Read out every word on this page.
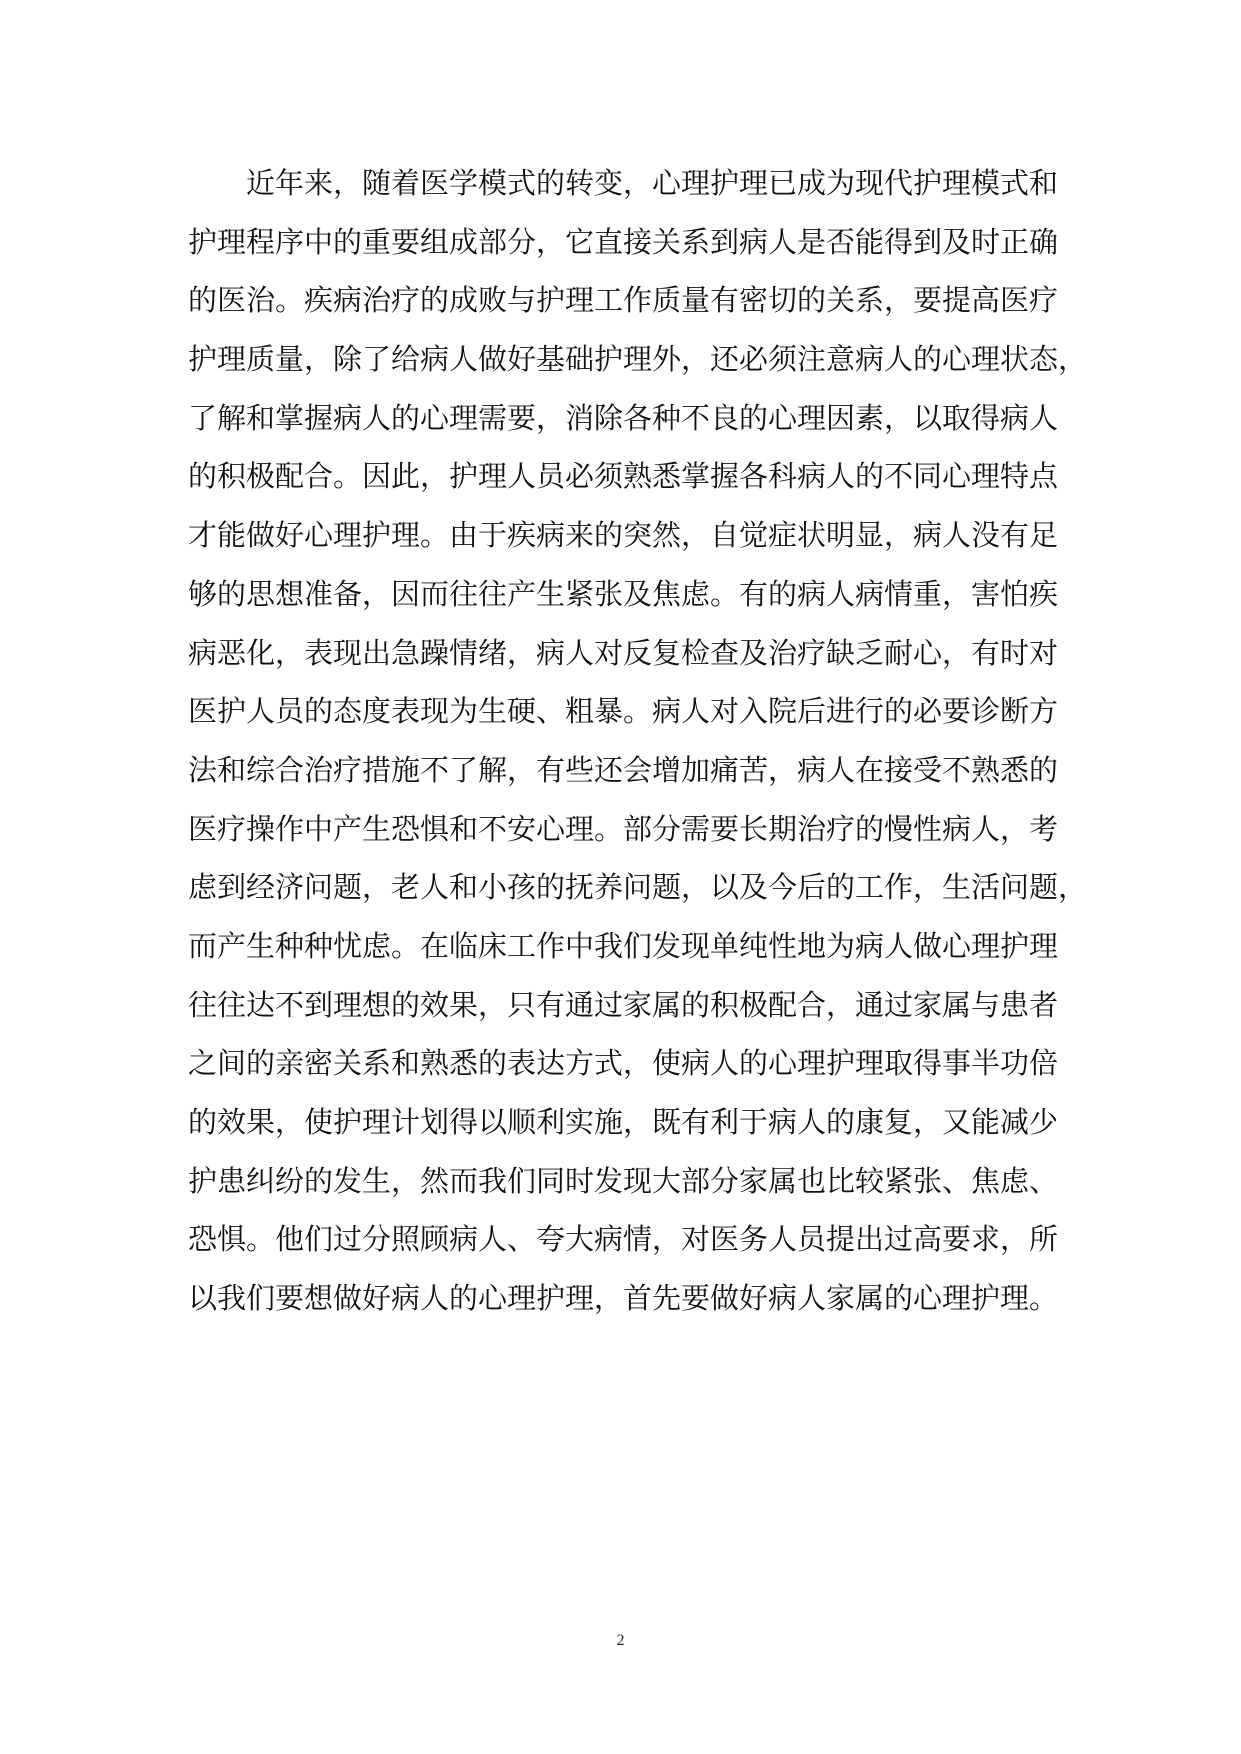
　　近年来，随着医学模式的转变，心理护理已成为现代护理模式和
护理程序中的重要组成部分，它直接关系到病人是否能得到及时正确
的医治。疾病治疗的成败与护理工作质量有密切的关系，要提高医疗
护理质量，除了给病人做好基础护理外，还必须注意病人的心理状态，
了解和掌握病人的心理需要，消除各种不良的心理因素，以取得病人
的积极配合。因此，护理人员必须熟悉掌握各科病人的不同心理特点
才能做好心理护理。由于疾病来的突然，自觉症状明显，病人没有足
够的思想准备，因而往往产生紧张及焦虑。有的病人病情重，害怕疾
病恶化，表现出急躁情绪，病人对反复检查及治疗缺乏耐心，有时对
医护人员的态度表现为生硬、粗暴。病人对入院后进行的必要诊断方
法和综合治疗措施不了解，有些还会增加痛苦，病人在接受不熟悉的
医疗操作中产生恐惧和不安心理。部分需要长期治疗的慢性病人，考
虑到经济问题，老人和小孩的抚养问题，以及今后的工作，生活问题，
而产生种种忧虑。在临床工作中我们发现单纯性地为病人做心理护理
往往达不到理想的效果，只有通过家属的积极配合，通过家属与患者
之间的亲密关系和熟悉的表达方式，使病人的心理护理取得事半功倍
的效果，使护理计划得以顺利实施，既有利于病人的康复，又能减少
护患纠纷的发生，然而我们同时发现大部分家属也比较紧张、焦虑、
恐惧。他们过分照顾病人、夸大病情，对医务人员提出过高要求，所
以我们要想做好病人的心理护理，首先要做好病人家属的心理护理。
2
